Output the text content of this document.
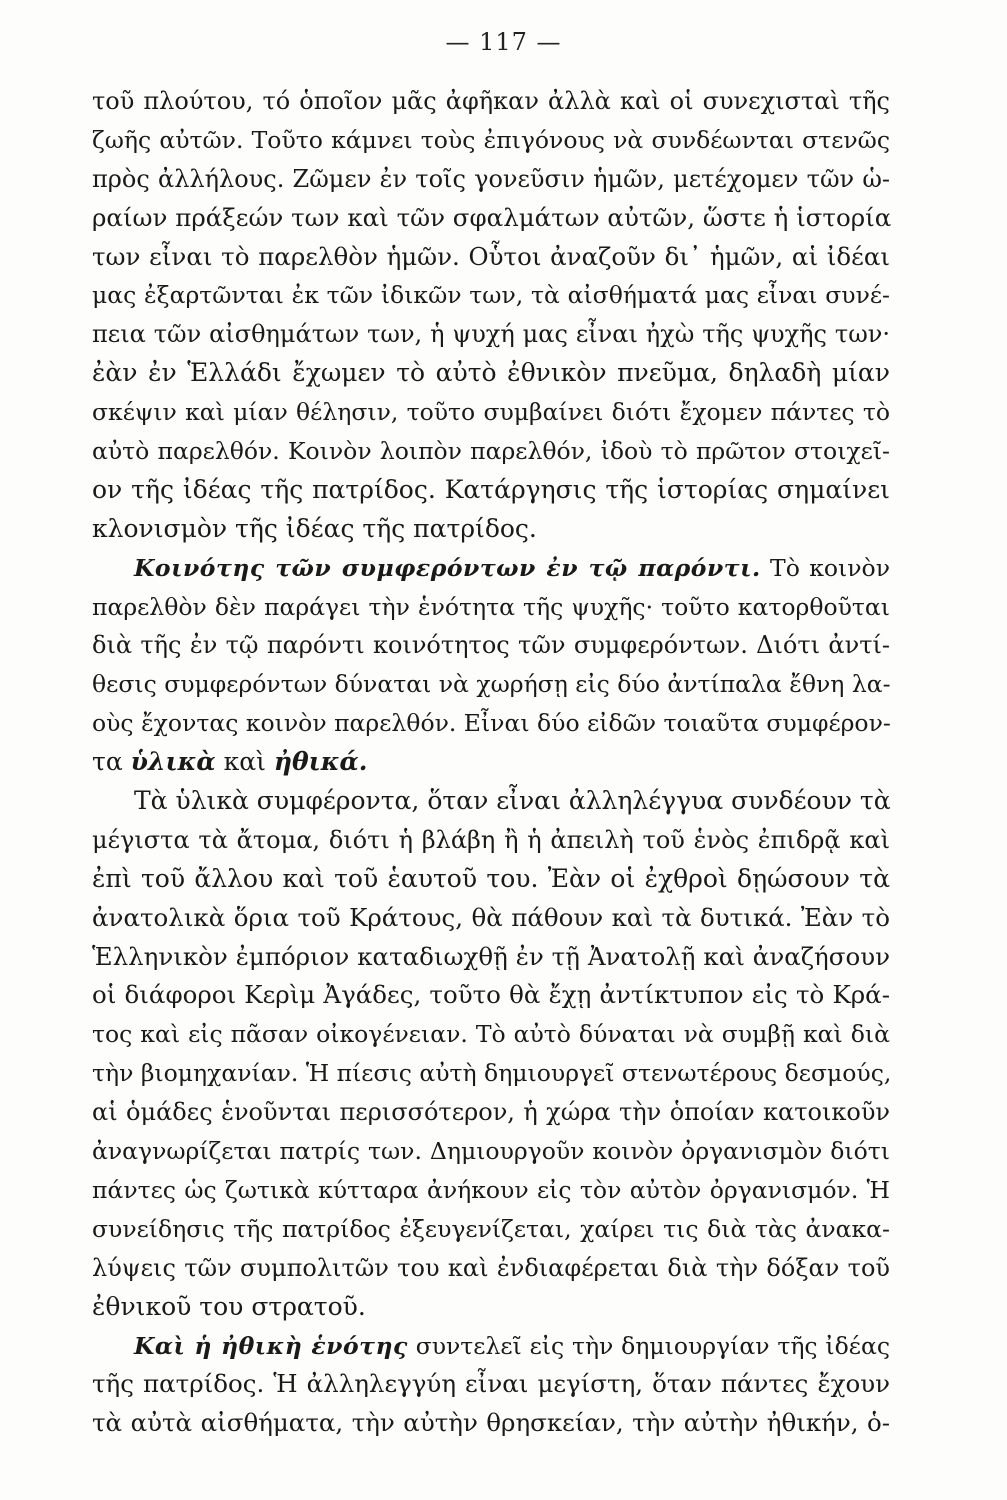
— 117 —
τοῦ πλούτου, τό ὁποῖον μᾶς ἀφῆκαν ἀλλὰ καὶ οἱ συνεχισταὶ τῆς
ζωῆς αὐτῶν. Τοῦτο κάμνει τοὺς ἐπιγόνους νὰ συνδέωνται στενῶς
πρὸς ἀλλήλους. Ζῶμεν ἐν τοῖς γονεῦσιν ἡμῶν, μετέχομεν τῶν ὡ-
ραίων πράξεών των καὶ τῶν σφαλμάτων αὐτῶν, ὥστε ἡ ἱστορία
των εἶναι τὸ παρελθὸν ἡμῶν. Οὗτοι ἀναζοῦν δι᾿ ἡμῶν, αἱ ἰδέαι
μας ἐξαρτῶνται ἐκ τῶν ἰδικῶν των, τὰ αἰσθήματά μας εἶναι συνέ-
πεια τῶν αἰσθημάτων των, ἡ ψυχή μας εἶναι ἠχὼ τῆς ψυχῆς των·
ἐὰν ἐν Ἑλλάδι ἔχωμεν τὸ αὐτὸ ἐθνικὸν πνεῦμα, δηλαδὴ μίαν
σκέψιν καὶ μίαν θέλησιν, τοῦτο συμβαίνει διότι ἔχομεν πάντες τὸ
αὐτὸ παρελθόν. Κοινὸν λοιπὸν παρελθόν, ἰδοὺ τὸ πρῶτον στοιχεῖ-
ον τῆς ἰδέας τῆς πατρίδος. Κατάργησις τῆς ἱστορίας σημαίνει
κλονισμὸν τῆς ἰδέας τῆς πατρίδος.
Κοινότης τῶν συμφερόντων ἐν τῷ παρόντι. Τὸ κοινὸν
παρελθὸν δὲν παράγει τὴν ἑνότητα τῆς ψυχῆς· τοῦτο κατορθοῦται
διὰ τῆς ἐν τῷ παρόντι κοινότητος τῶν συμφερόντων. Διότι ἀντί-
θεσις συμφερόντων δύναται νὰ χωρήσῃ εἰς δύο ἀντίπαλα ἔθνη λα-
οὺς ἔχοντας κοινὸν παρελθόν. Εἶναι δύο εἰδῶν τοιαῦτα συμφέρον-
τα ὑλικὰ καὶ ἠθικά.
Τὰ ὑλικὰ συμφέροντα, ὅταν εἶναι ἀλληλέγγυα συνδέουν τὰ
μέγιστα τὰ ἄτομα, διότι ἡ βλάβη ἢ ἡ ἀπειλὴ τοῦ ἑνὸς ἐπιδρᾷ καὶ
ἐπὶ τοῦ ἄλλου καὶ τοῦ ἑαυτοῦ του. Ἐὰν οἱ ἐχθροὶ δῃώσουν τὰ
ἀνατολικὰ ὅρια τοῦ Κράτους, θὰ πάθουν καὶ τὰ δυτικά. Ἐὰν τὸ
Ἑλληνικὸν ἐμπόριον καταδιωχθῇ ἐν τῇ Ἀνατολῇ καὶ ἀναζήσουν
οἱ διάφοροι Κερὶμ Ἀγάδες, τοῦτο θὰ ἔχῃ ἀντίκτυπον εἰς τὸ Κρά-
τος καὶ εἰς πᾶσαν οἰκογένειαν. Τὸ αὐτὸ δύναται νὰ συμβῇ καὶ διὰ
τὴν βιομηχανίαν. Ἡ πίεσις αὐτὴ δημιουργεῖ στενωτέρους δεσμούς,
αἱ ὁμάδες ἑνοῦνται περισσότερον, ἡ χώρα τὴν ὁποίαν κατοικοῦν
ἀναγνωρίζεται πατρίς των. Δημιουργοῦν κοινὸν ὀργανισμὸν διότι
πάντες ὡς ζωτικὰ κύτταρα ἀνήκουν εἰς τὸν αὐτὸν ὀργανισμόν. Ἡ
συνείδησις τῆς πατρίδος ἐξευγενίζεται, χαίρει τις διὰ τὰς ἀνακα-
λύψεις τῶν συμπολιτῶν του καὶ ἐνδιαφέρεται διὰ τὴν δόξαν τοῦ
ἐθνικοῦ του στρατοῦ.
Καὶ ἡ ἠθικὴ ἑνότης συντελεῖ εἰς τὴν δημιουργίαν τῆς ἰδέας
τῆς πατρίδος. Ἡ ἀλληλεγγύη εἶναι μεγίστη, ὅταν πάντες ἔχουν
τὰ αὐτὰ αἰσθήματα, τὴν αὐτὴν θρησκείαν, τὴν αὐτὴν ἠθικήν, ὁ-
